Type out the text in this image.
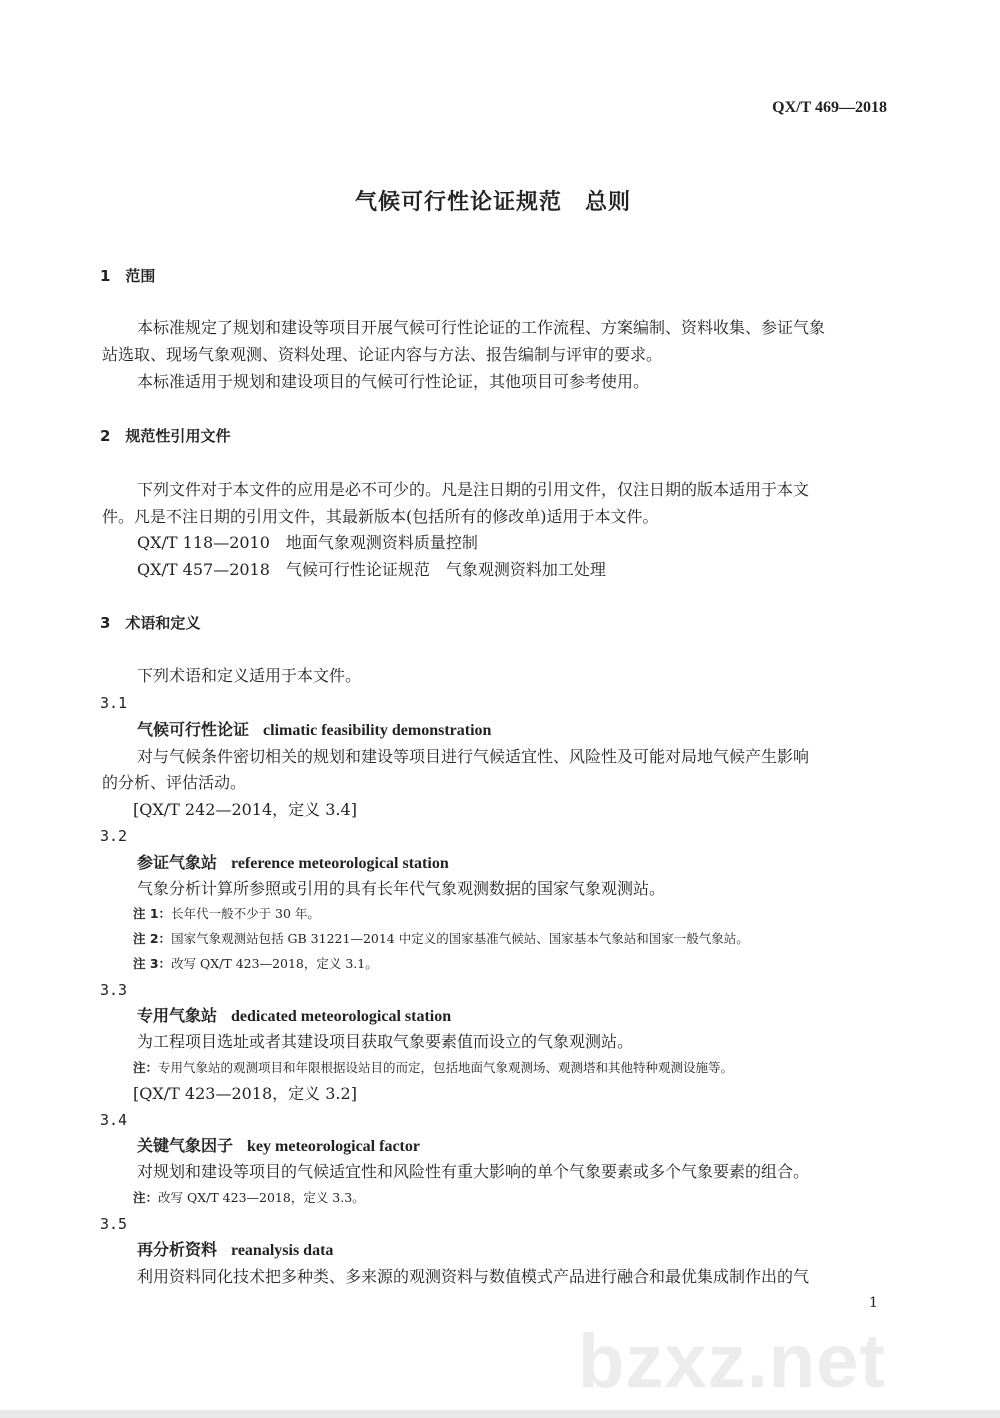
QX/T 469—2018
气候可行性论证规范　总则
1　范围
本标准规定了规划和建设等项目开展气候可行性论证的工作流程、方案编制、资料收集、参证气象
站选取、现场气象观测、资料处理、论证内容与方法、报告编制与评审的要求。
本标准适用于规划和建设项目的气候可行性论证，其他项目可参考使用。
2　规范性引用文件
下列文件对于本文件的应用是必不可少的。凡是注日期的引用文件，仅注日期的版本适用于本文
件。凡是不注日期的引用文件，其最新版本(包括所有的修改单)适用于本文件。
QX/T 118—2010　地面气象观测资料质量控制
QX/T 457—2018　气候可行性论证规范　气象观测资料加工处理
3　术语和定义
下列术语和定义适用于本文件。
3.1
气候可行性论证 climatic feasibility demonstration
对与气候条件密切相关的规划和建设等项目进行气候适宜性、风险性及可能对局地气候产生影响
的分析、评估活动。
[QX/T 242—2014，定义 3.4]
3.2
参证气象站 reference meteorological station
气象分析计算所参照或引用的具有长年代气象观测数据的国家气象观测站。
注 1：长年代一般不少于 30 年。
注 2：国家气象观测站包括 GB 31221—2014 中定义的国家基准气候站、国家基本气象站和国家一般气象站。
注 3：改写 QX/T 423—2018，定义 3.1。
3.3
专用气象站 dedicated meteorological station
为工程项目选址或者其建设项目获取气象要素值而设立的气象观测站。
注：专用气象站的观测项目和年限根据设站目的而定，包括地面气象观测场、观测塔和其他特种观测设施等。
[QX/T 423—2018，定义 3.2]
3.4
关键气象因子 key meteorological factor
对规划和建设等项目的气候适宜性和风险性有重大影响的单个气象要素或多个气象要素的组合。
注：改写 QX/T 423—2018，定义 3.3。
3.5
再分析资料 reanalysis data
利用资料同化技术把多种类、多来源的观测资料与数值模式产品进行融合和最优集成制作出的气
1
bzxz.net
